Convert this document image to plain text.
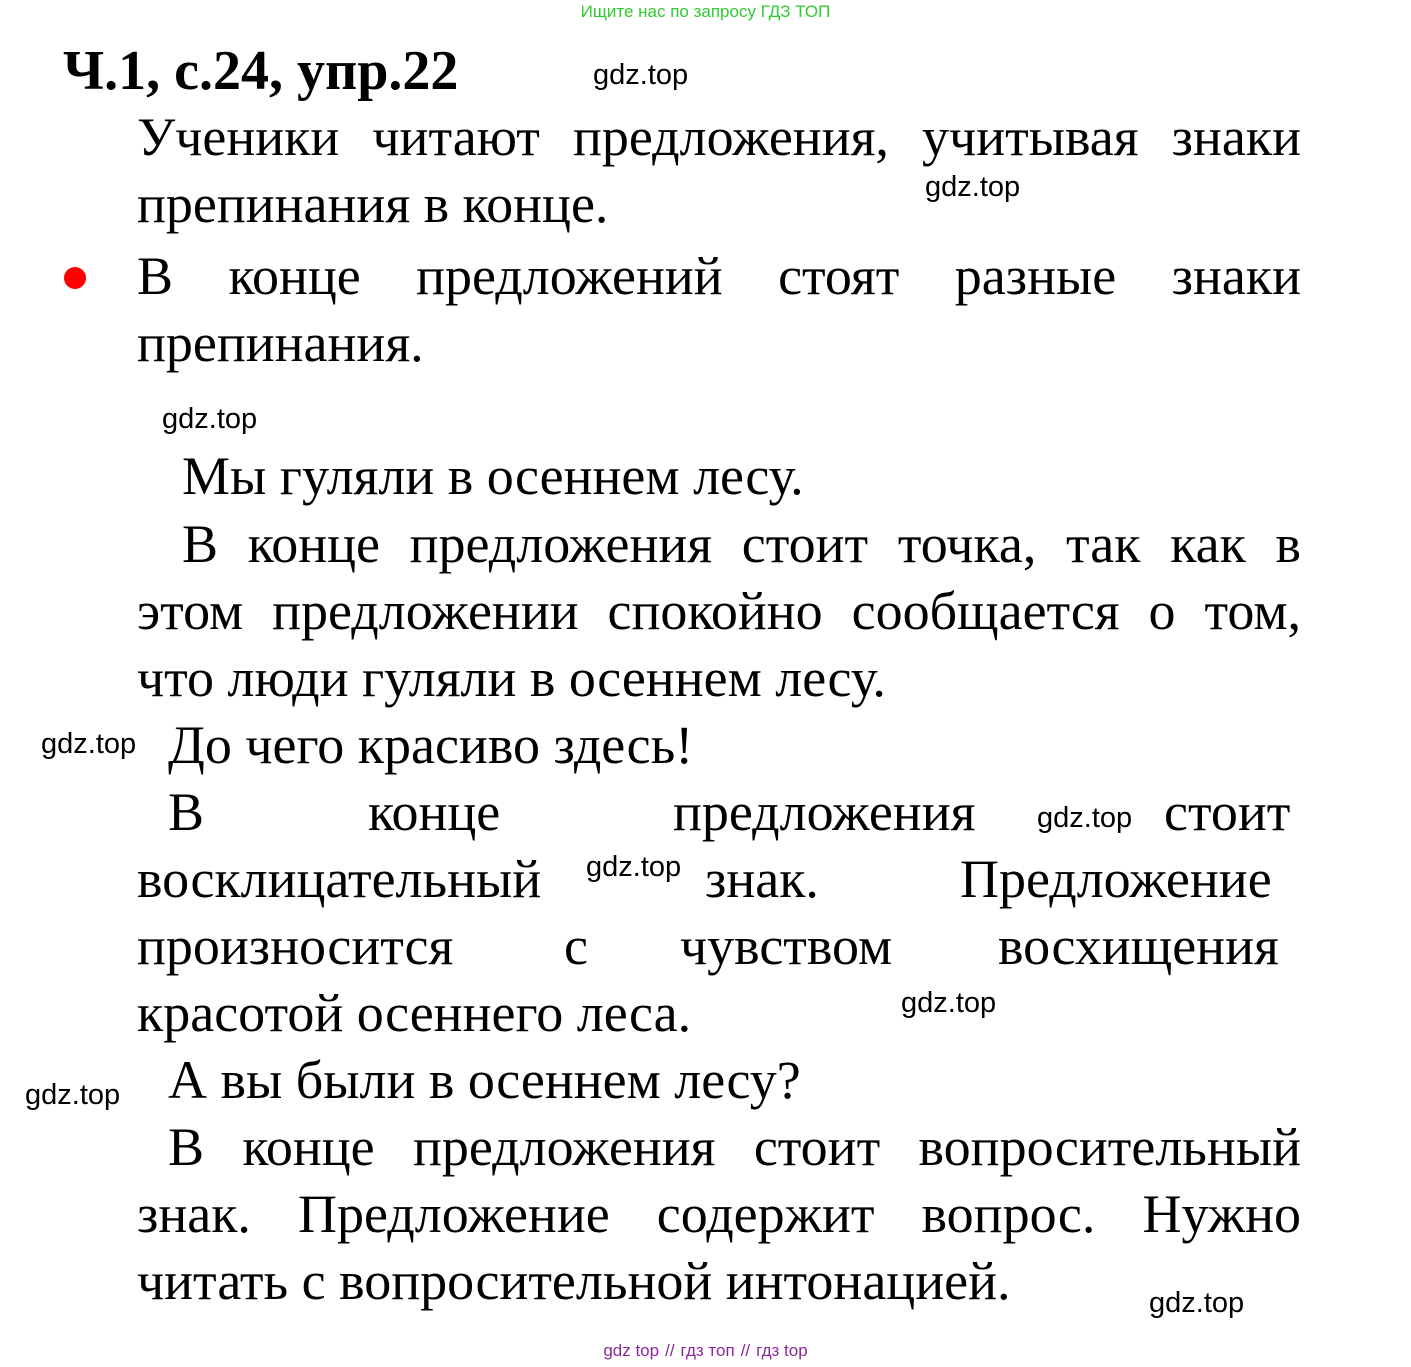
Ищите нас по запросу ГДЗ ТОП
Ч.1, с.24, упр.22	gdz.top

Ученики читают предложения, учитывая знаки препинания в конце.	gdz.top

В конце предложений стоят разные знаки препинания.

gdz.top

Мы гуляли в осеннем лесу.

В конце предложения стоит точка, так как в этом предложении спокойно сообщается о том, что люди гуляли в осеннем лесу.

gdz.top До чего красиво здесь!

В	конце	предложения gdz.top стоит

восклицательный gdz.top знак.	Предложение

произносится с чувством восхищения

красотой осеннего леса.	gdz.top
gdz.top А вы были в осеннем лесу?

В конце предложения стоит вопросительный знак. Предложение содержит вопрос. Нужно читать с вопросительной интонацией.	gdz.top
gdz top // гдз топ // гдз top
